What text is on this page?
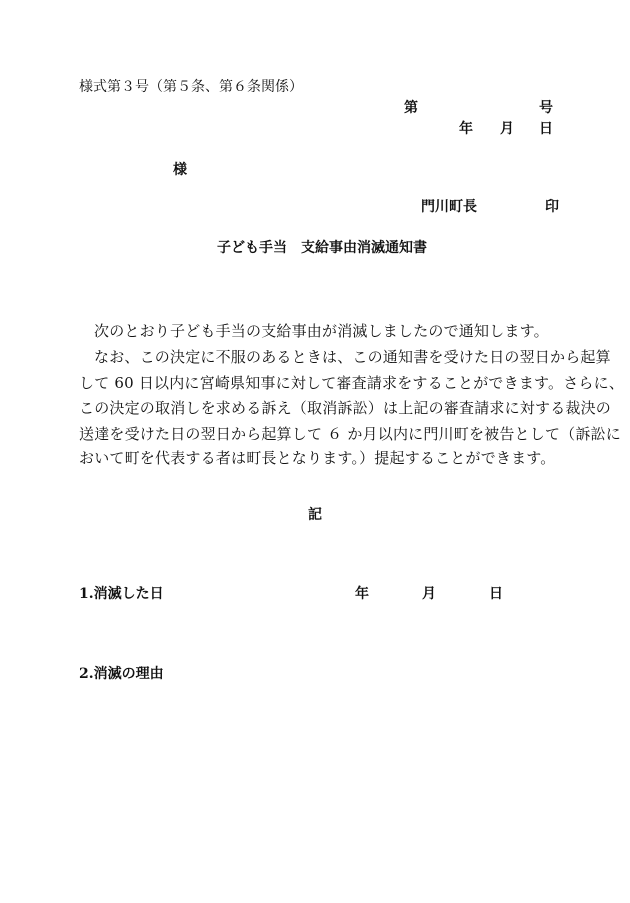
様式第３号（第５条、第６条関係）
第	号
年 月 日
様
門川町長	印
子ども手当　支給事由消滅通知書
次のとおり子ども手当の支給事由が消滅しましたので通知します。
なお、この決定に不服のあるときは、この通知書を受けた日の翌日から起算
して 60 日以内に宮崎県知事に対して審査請求をすることができます。さらに、
この決定の取消しを求める訴え（取消訴訟）は上記の審査請求に対する裁決の
送達を受けた日の翌日から起算して ６ か月以内に門川町を被告として（訴訟に
おいて町を代表する者は町長となります。）提起することができます。
記
1.消滅した日	年	月	日
2.消滅の理由
